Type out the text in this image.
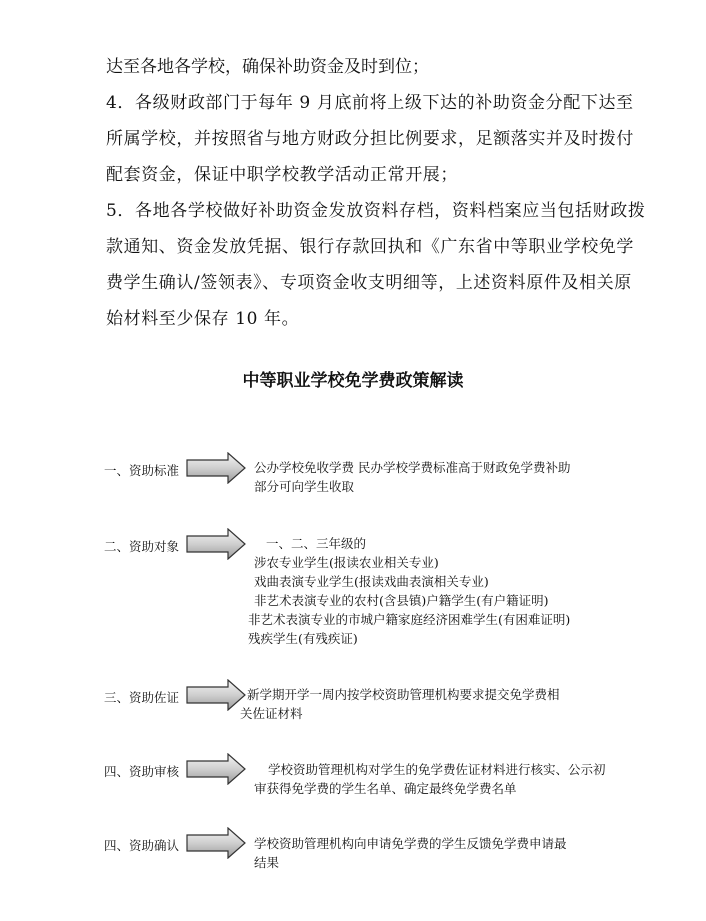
达至各地各学校，确保补助资金及时到位；
4．各级财政部门于每年 9 月底前将上级下达的补助资金分配下达至
所属学校，并按照省与地方财政分担比例要求，足额落实并及时拨付
配套资金，保证中职学校教学活动正常开展；
5．各地各学校做好补助资金发放资料存档，资料档案应当包括财政拨
款通知、资金发放凭据、银行存款回执和《广东省中等职业学校免学
费学生确认/签领表》、专项资金收支明细等，上述资料原件及相关原
始材料至少保存 10 年。
中等职业学校免学费政策解读
一、资助标准	公办学校免收学费 民办学校学费标准高于财政免学费补助
部分可向学生收取
二、资助对象	一、二、三年级的
涉农专业学生(报读农业相关专业)
戏曲表演专业学生(报读戏曲表演相关专业)
非艺术表演专业的农村(含县镇)户籍学生(有户籍证明)
非艺术表演专业的市城户籍家庭经济困难学生(有困难证明)
残疾学生(有残疾证)
三、资助佐证	新学期开学一周内按学校资助管理机构要求提交免学费相
关佐证材料
四、资助审核	学校资助管理机构对学生的免学费佐证材料进行核实、公示初
审获得免学费的学生名单、确定最终免学费名单
四、资助确认	学校资助管理机构向申请免学费的学生反馈免学费申请最
结果
